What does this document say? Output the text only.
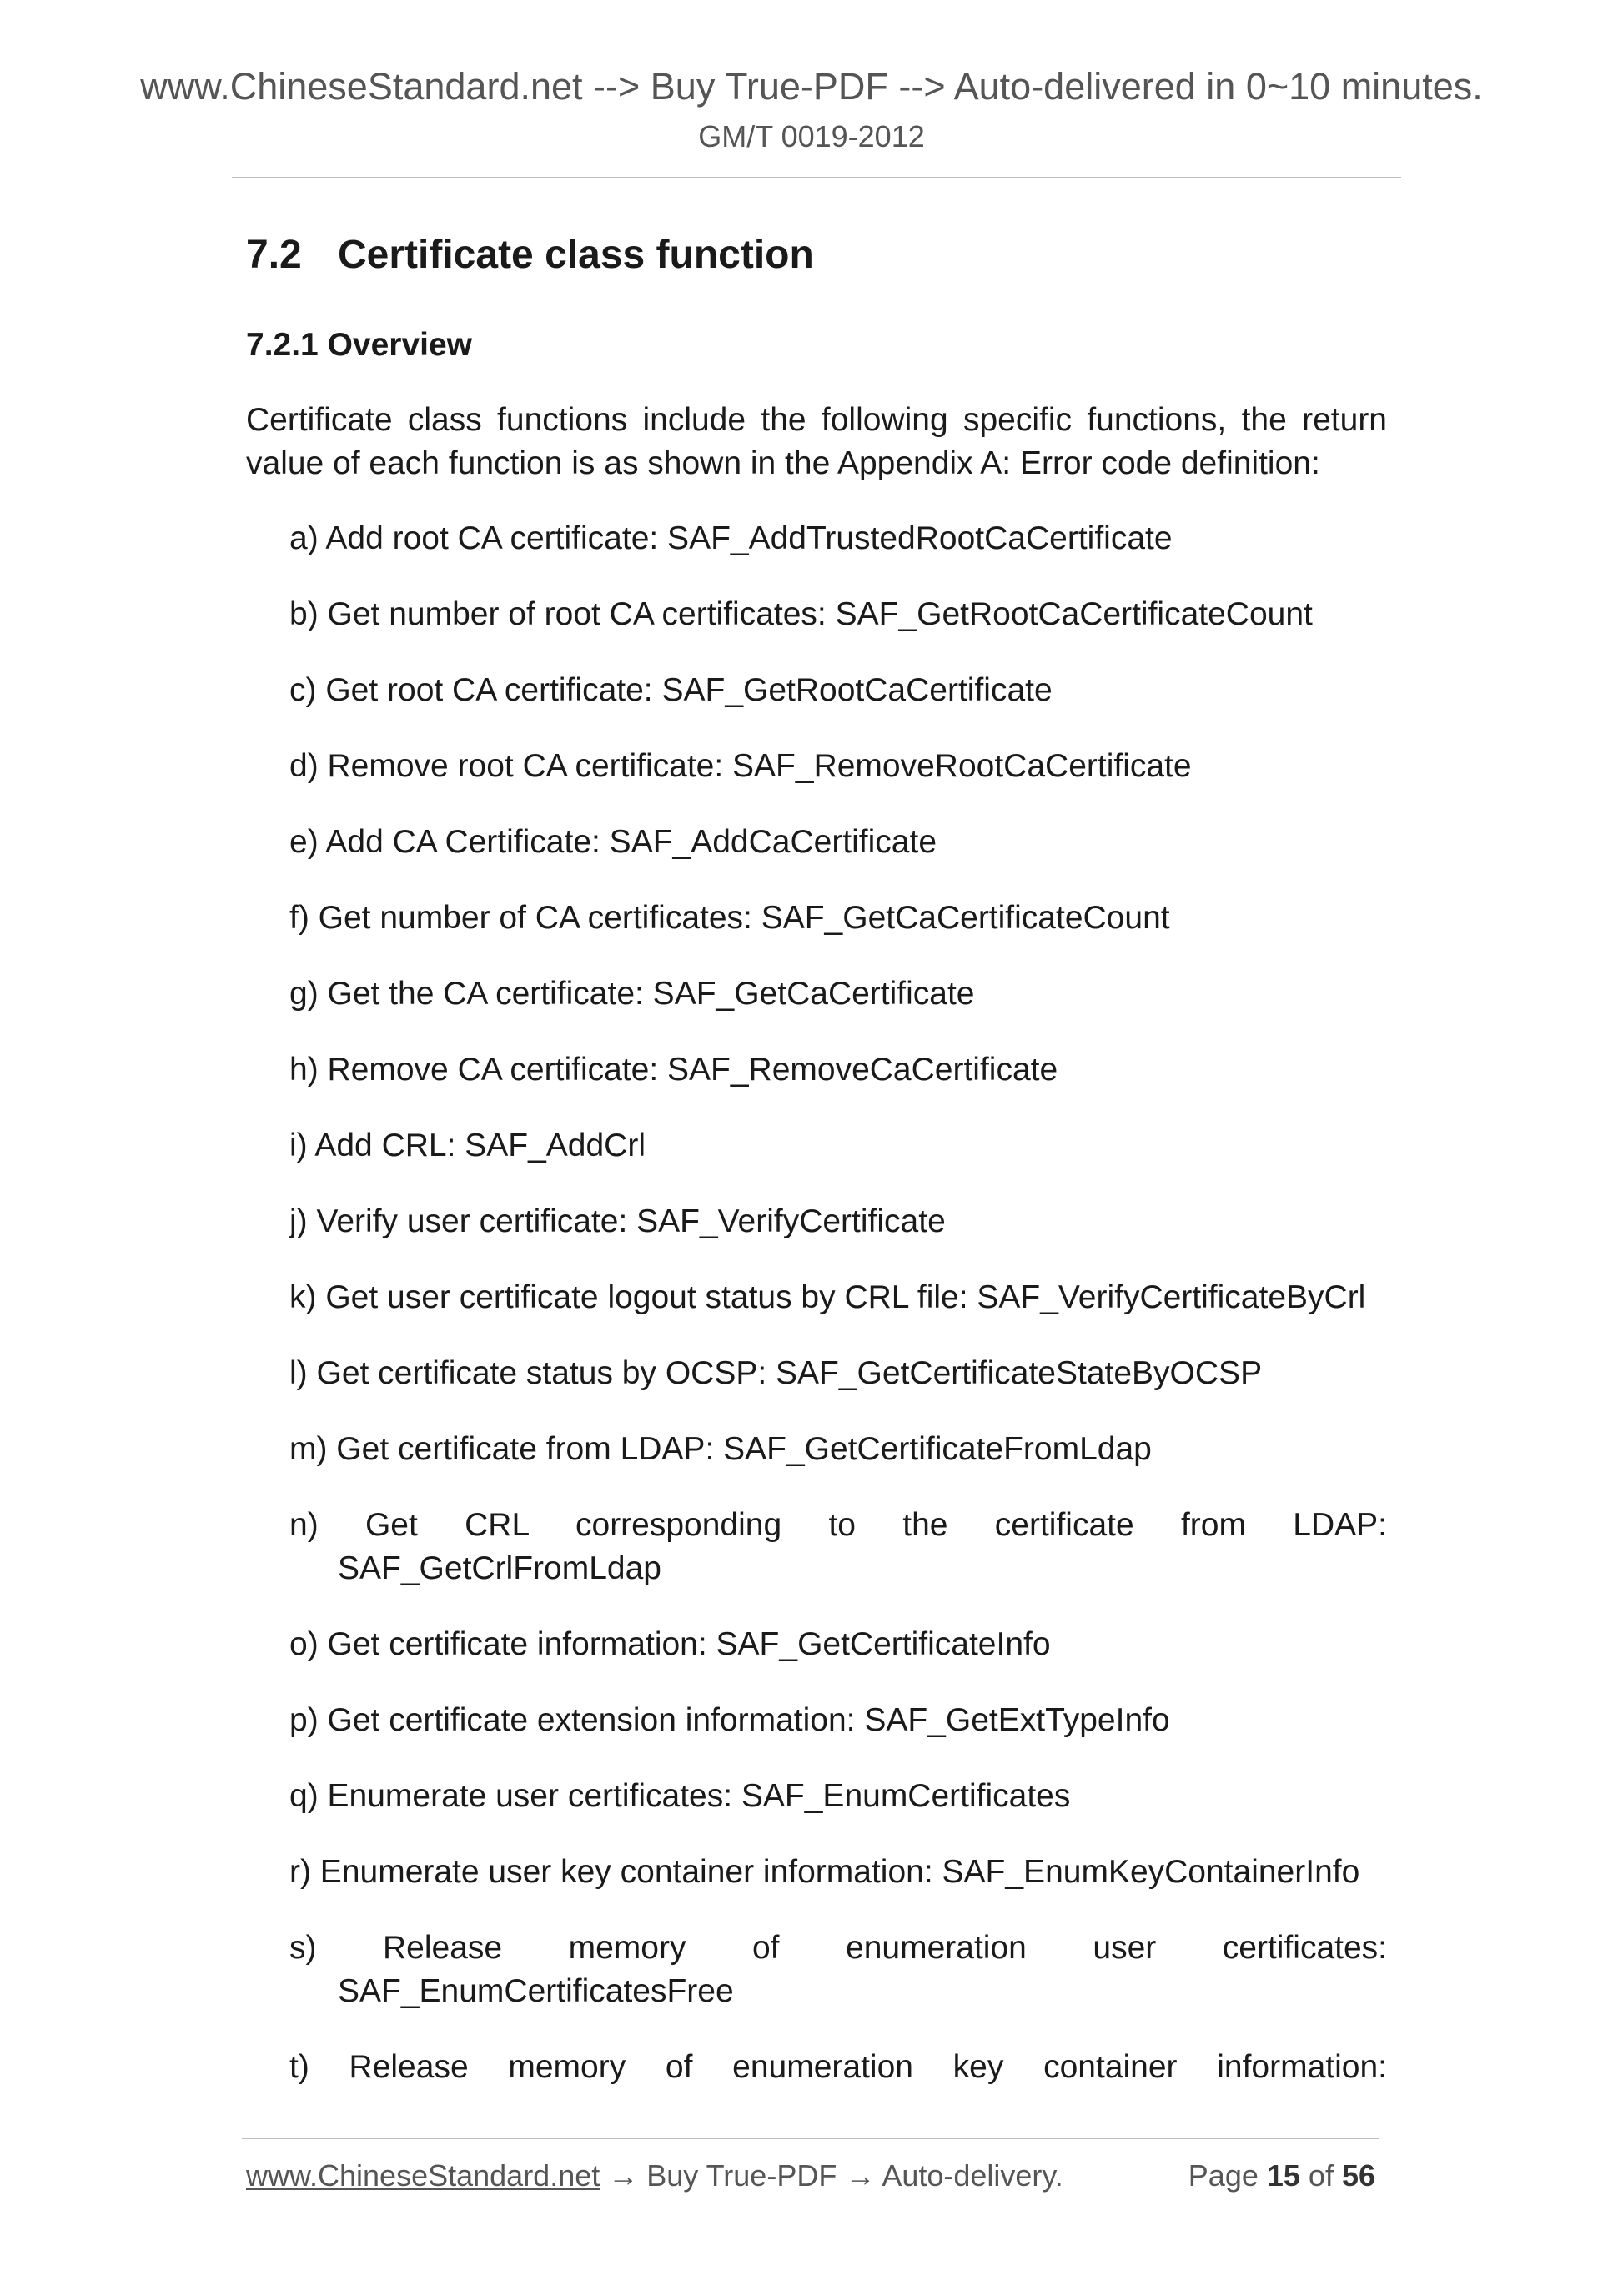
www.ChineseStandard.net --> Buy True-PDF --> Auto-delivered in 0~10 minutes.
GM/T 0019-2012
7.2 Certificate class function
7.2.1 Overview

Certificate class functions include the following specific functions, the return value of each function is as shown in the Appendix A: Error code definition:

a) Add root CA certificate: SAF_AddTrustedRootCaCertificate
b) Get number of root CA certificates: SAF_GetRootCaCertificateCount
c) Get root CA certificate: SAF_GetRootCaCertificate
d) Remove root CA certificate: SAF_RemoveRootCaCertificate
e) Add CA Certificate: SAF_AddCaCertificate
f) Get number of CA certificates: SAF_GetCaCertificateCount
g) Get the CA certificate: SAF_GetCaCertificate
h) Remove CA certificate: SAF_RemoveCaCertificate
i) Add CRL: SAF_AddCrl
j) Verify user certificate: SAF_VerifyCertificate
k) Get user certificate logout status by CRL file: SAF_VerifyCertificateByCrl
l) Get certificate status by OCSP: SAF_GetCertificateStateByOCSP
m) Get certificate from LDAP: SAF_GetCertificateFromLdap
n) Get CRL corresponding to the certificate from LDAP:
SAF_GetCrlFromLdap
o) Get certificate information: SAF_GetCertificateInfo
p) Get certificate extension information: SAF_GetExtTypeInfo
q) Enumerate user certificates: SAF_EnumCertificates
r) Enumerate user key container information: SAF_EnumKeyContainerInfo
s) Release memory of enumeration user certificates:
SAF_EnumCertificatesFree
t) Release memory of enumeration key container information:
www.ChineseStandard.net → Buy True-PDF → Auto-delivery.	Page 15 of 56
